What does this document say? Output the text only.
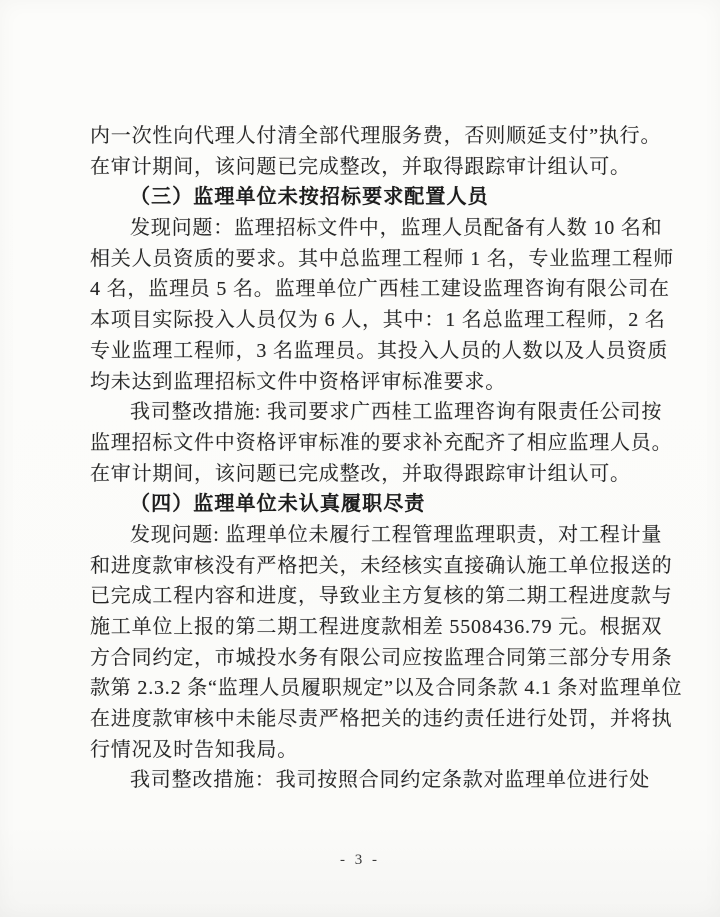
内一次性向代理人付清全部代理服务费，否则顺延支付”执行。
在审计期间，该问题已完成整改，并取得跟踪审计组认可。
（三）监理单位未按招标要求配置人员
发现问题：监理招标文件中，监理人员配备有人数 10 名和
相关人员资质的要求。其中总监理工程师 1 名，专业监理工程师
4 名，监理员 5 名。监理单位广西桂工建设监理咨询有限公司在
本项目实际投入人员仅为 6 人，其中：1 名总监理工程师，2 名
专业监理工程师，3 名监理员。其投入人员的人数以及人员资质
均未达到监理招标文件中资格评审标准要求。
我司整改措施: 我司要求广西桂工监理咨询有限责任公司按
监理招标文件中资格评审标准的要求补充配齐了相应监理人员。
在审计期间，该问题已完成整改，并取得跟踪审计组认可。
（四）监理单位未认真履职尽责
发现问题: 监理单位未履行工程管理监理职责，对工程计量
和进度款审核没有严格把关，未经核实直接确认施工单位报送的
已完成工程内容和进度，导致业主方复核的第二期工程进度款与
施工单位上报的第二期工程进度款相差 5508436.79 元。根据双
方合同约定，市城投水务有限公司应按监理合同第三部分专用条
款第 2.3.2 条“监理人员履职规定”以及合同条款 4.1 条对监理单位
在进度款审核中未能尽责严格把关的违约责任进行处罚，并将执
行情况及时告知我局。
我司整改措施：我司按照合同约定条款对监理单位进行处
- 3 -
